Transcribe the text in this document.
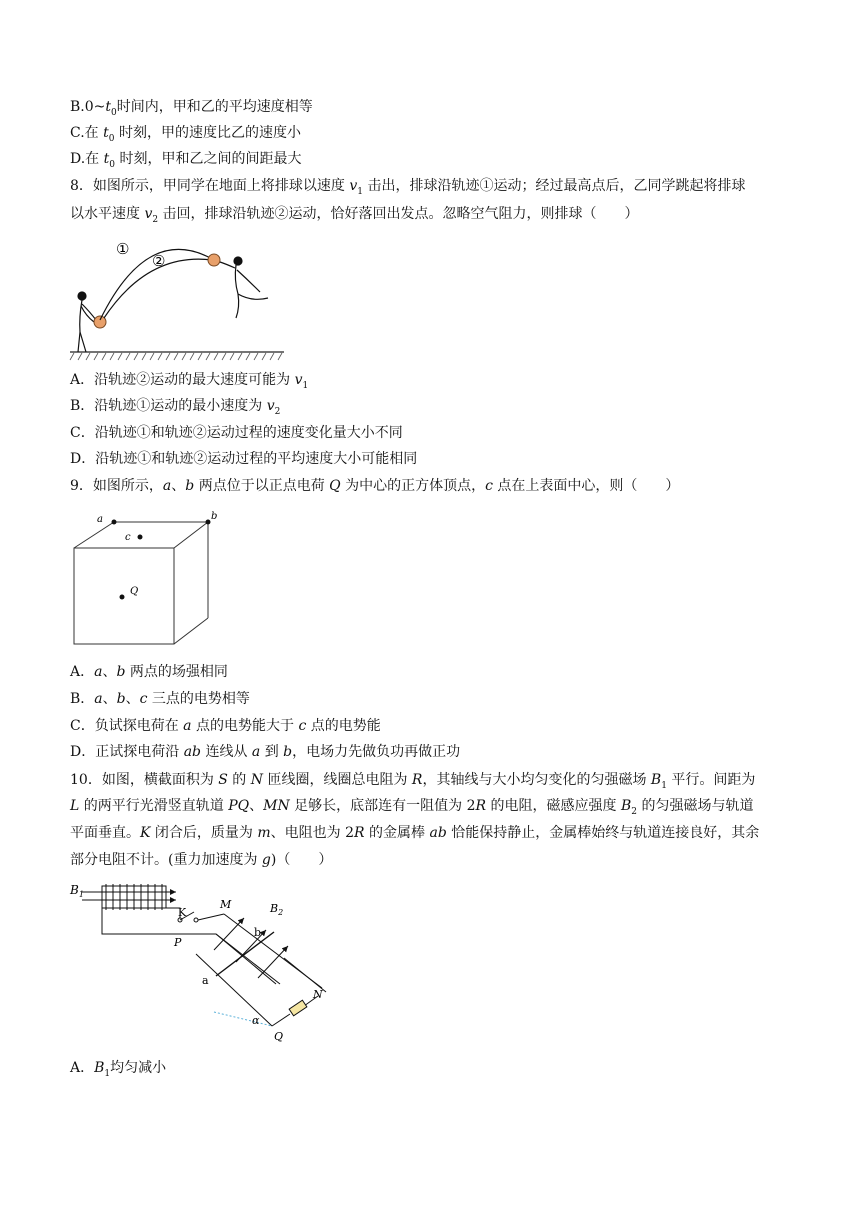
$B.0\sim t_0$时间内，甲和乙的平均速度相等
C.在 $t_0$ 时刻，甲的速度比乙的速度小
D.在 $t_0$ 时刻，甲和乙之间的间距最大
8．如图所示，甲同学在地面上将排球以速度 $v_1$ 击出，排球沿轨迹①运动；经过最高点后，乙同学跳起将排球
以水平速度 $v_2$ 击回，排球沿轨迹②运动，恰好落回出发点。忽略空气阻力，则排球（　　）
①
②
A．沿轨迹②运动的最大速度可能为 $v_1$
B．沿轨迹①运动的最小速度为 $v_2$
C．沿轨迹①和轨迹②运动过程的速度变化量大小不同
D．沿轨迹①和轨迹②运动过程的平均速度大小可能相同
9．如图所示，a、b 两点位于以正点电荷 Q 为中心的正方体顶点，c 点在上表面中心，则（　　）
a	b
c
Q
A．a、b 两点的场强相同
B．a、b、c 三点的电势相等
C．负试探电荷在 a 点的电势能大于 c 点的电势能
D．正试探电荷沿 ab 连线从 a 到 b，电场力先做负功再做正功
10．如图，横截面积为 S 的 N 匝线圈，线圈总电阻为 R，其轴线与大小均匀变化的匀强磁场 $B_1$ 平行。间距为
L 的两平行光滑竖直轨道 PQ、MN 足够长，底部连有一阻值为 2R 的电阻，磁感应强度 $B_2$ 的匀强磁场与轨道
平面垂直。K 闭合后，质量为 m、电阻也为 2R 的金属棒 ab 恰能保持静止，金属棒始终与轨道连接良好，其余
部分电阻不计。(重力加速度为 g)（　　）
$B_1$
K
M	$B_2$
b
P
a
N
α
Q
A．$B_1$均匀减小
